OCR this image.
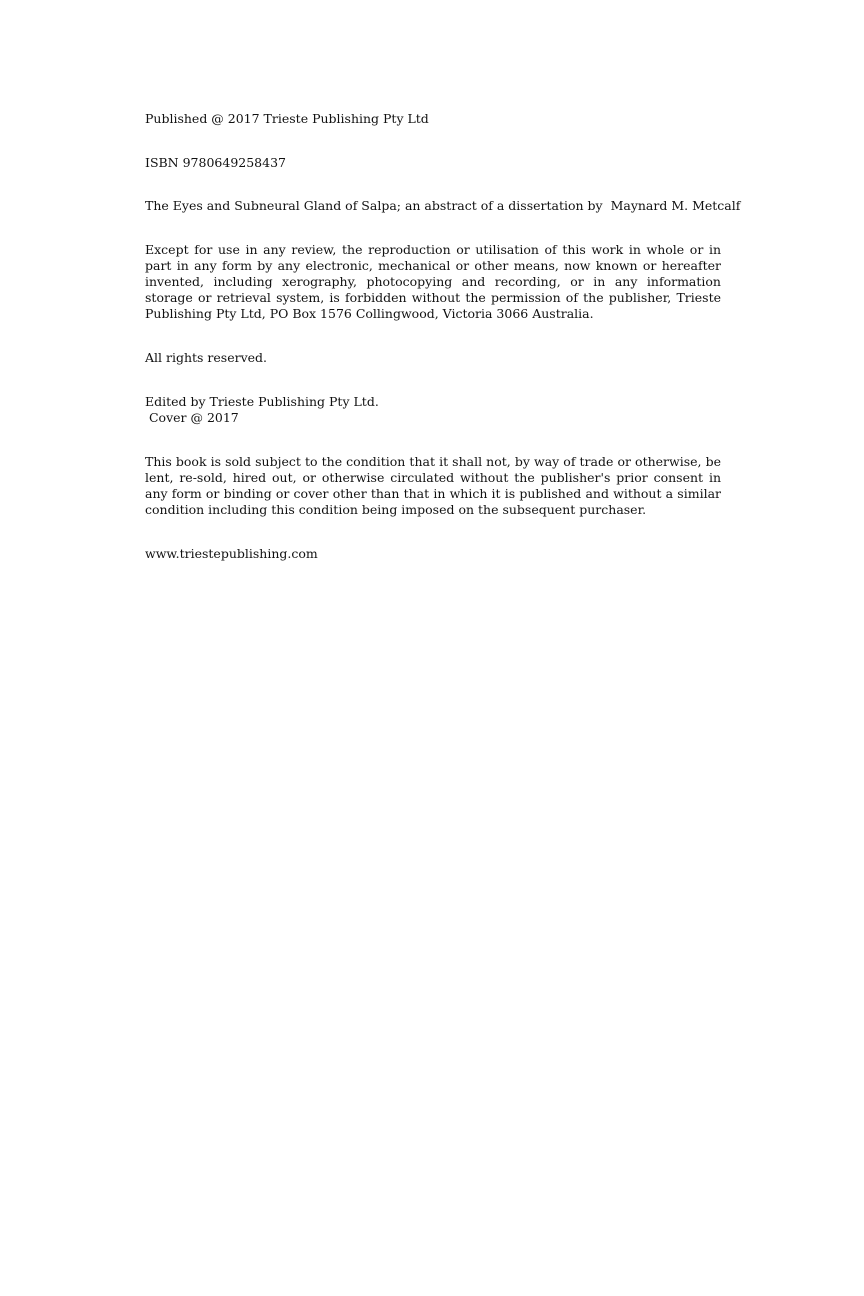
Published @ 2017 Trieste Publishing Pty Ltd
ISBN 9780649258437
The Eyes and Subneural Gland of Salpa; an abstract of a dissertation by  Maynard M. Metcalf

Except for use in any review, the reproduction or utilisation of this work in whole or in part in any form by any electronic, mechanical or other means, now known or hereafter invented, including xerography, photocopying and recording, or in any information storage or retrieval system, is forbidden without the permission of the publisher, Trieste Publishing Pty Ltd, PO Box 1576 Collingwood, Victoria 3066 Australia.

All rights reserved.
Edited by Trieste Publishing Pty Ltd.
Cover @ 2017

This book is sold subject to the condition that it shall not, by way of trade or otherwise, be lent, re-sold, hired out, or otherwise circulated without the publisher's prior consent in any form or binding or cover other than that in which it is published and without a similar condition including this condition being imposed on the subsequent purchaser.

www.triestepublishing.com
